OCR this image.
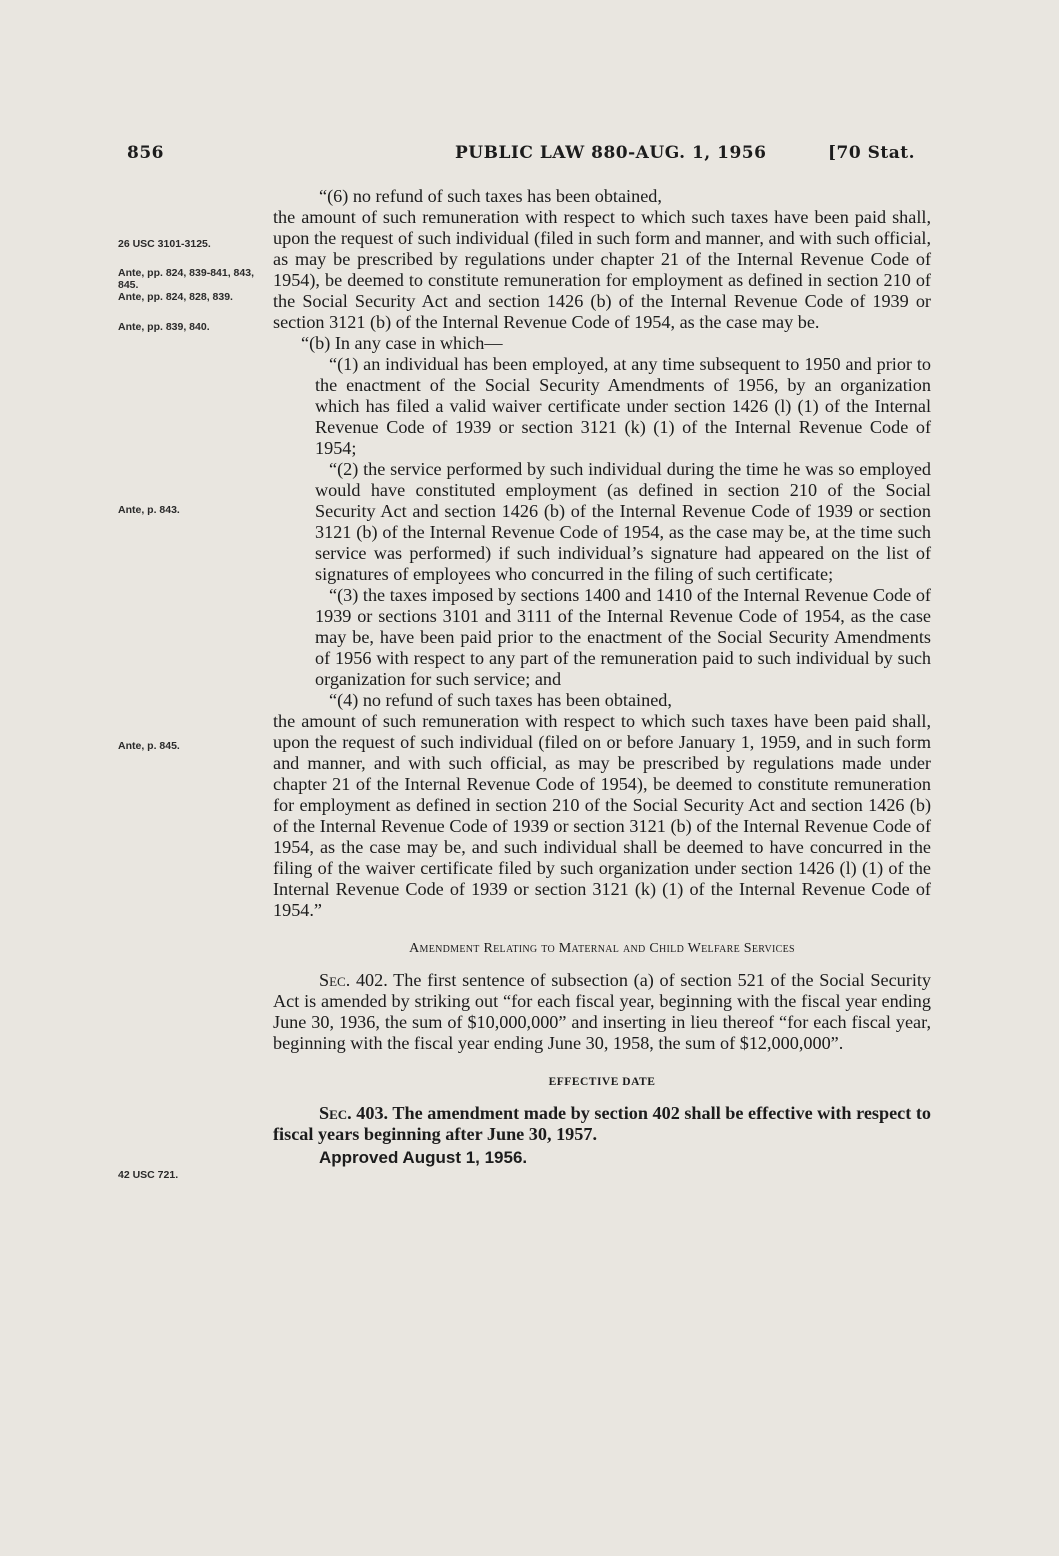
856	PUBLIC LAW 880-AUG. 1, 1956	[70 Stat.
26 USC 3101-3125.
Ante, pp. 824, 839-841, 843, 845.
Ante, pp. 824, 828, 839.
Ante, pp. 839, 840.
Ante, p. 843.
Ante, p. 845.
42 USC 721.

“(6) no refund of such taxes has been obtained,

the amount of such remuneration with respect to which such taxes have been paid shall, upon the request of such individual (filed in such form and manner, and with such official, as may be prescribed by regulations under chapter 21 of the Internal Revenue Code of 1954), be deemed to constitute remuneration for employment as defined in section 210 of the Social Security Act and section 1426 (b) of the Internal Revenue Code of 1939 or section 3121 (b) of the Internal Revenue Code of 1954, as the case may be.

“(b) In any case in which—

“(1) an individual has been employed, at any time subsequent to 1950 and prior to the enactment of the Social Security Amendments of 1956, by an organization which has filed a valid waiver certificate under section 1426 (l) (1) of the Internal Revenue Code of 1939 or section 3121 (k) (1) of the Internal Revenue Code of 1954;

“(2) the service performed by such individual during the time he was so employed would have constituted employment (as defined in section 210 of the Social Security Act and section 1426 (b) of the Internal Revenue Code of 1939 or section 3121 (b) of the Internal Revenue Code of 1954, as the case may be, at the time such service was performed) if such individual’s signature had appeared on the list of signatures of employees who concurred in the filing of such certificate;

“(3) the taxes imposed by sections 1400 and 1410 of the Internal Revenue Code of 1939 or sections 3101 and 3111 of the Internal Revenue Code of 1954, as the case may be, have been paid prior to the enactment of the Social Security Amendments of 1956 with respect to any part of the remuneration paid to such individual by such organization for such service; and

“(4) no refund of such taxes has been obtained,

the amount of such remuneration with respect to which such taxes have been paid shall, upon the request of such individual (filed on or before January 1, 1959, and in such form and manner, and with such official, as may be prescribed by regulations made under chapter 21 of the Internal Revenue Code of 1954), be deemed to constitute remuneration for employment as defined in section 210 of the Social Security Act and section 1426 (b) of the Internal Revenue Code of 1939 or section 3121 (b) of the Internal Revenue Code of 1954, as the case may be, and such individual shall be deemed to have concurred in the filing of the waiver certificate filed by such organization under section 1426 (l) (1) of the Internal Revenue Code of 1939 or section 3121 (k) (1) of the Internal Revenue Code of 1954.”

Amendment Relating to Maternal and Child Welfare Services

Sec. 402. The first sentence of subsection (a) of section 521 of the Social Security Act is amended by striking out “for each fiscal year, beginning with the fiscal year ending June 30, 1936, the sum of $10,000,000” and inserting in lieu thereof “for each fiscal year, beginning with the fiscal year ending June 30, 1958, the sum of $12,000,000”.

EFFECTIVE DATE

Sec. 403. The amendment made by section 402 shall be effective with respect to fiscal years beginning after June 30, 1957.

Approved August 1, 1956.
